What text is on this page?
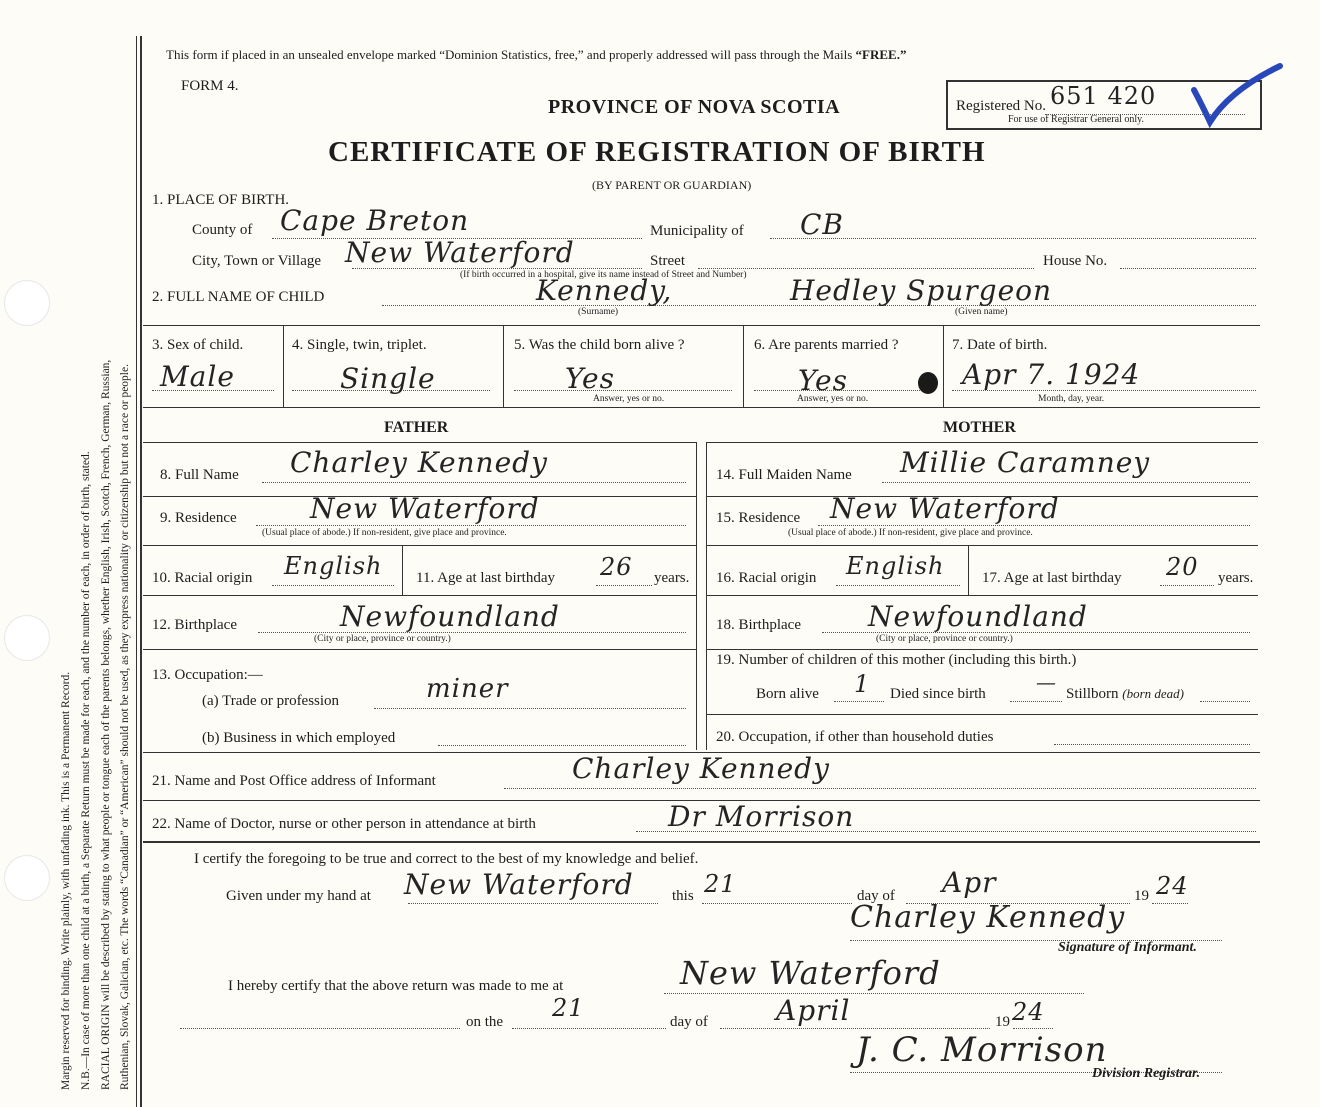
Margin reserved for binding. Write plainly, with unfading ink. This is a Permanent Record. N.B.—In case of more than one child at a birth, a Separate Return must be made for each, and the number of each, in order of birth, stated. RACIAL ORIGIN will be described by stating to what people or tongue each of the parents belongs, whether English, Irish, Scotch, French, German, Russian, Ruthenian, Slovak, Galician, etc. The words “Canadian” or “American” should not be used, as they express nationality or citizenship but not a race or people.
This form if placed in an unsealed envelope marked “Dominion Statistics, free,” and properly addressed will pass through the Mails “FREE.”
FORM 4.
PROVINCE OF NOVA SCOTIA	Registered No. 651 420
For use of Registrar General only.
CERTIFICATE OF REGISTRATION OF BIRTH
(BY PARENT OR GUARDIAN)
1. PLACE OF BIRTH.
County of Cape Breton	Municipality of CB
City, Town or Village New Waterford	Street	House No.
(If birth occurred in a hospital, give its name instead of Street and Number)
2. FULL NAME OF CHILD	Kennedy,	Hedley Spurgeon
(Surname)	(Given name)
3. Sex of child.
Male
4. Single, twin, triplet.
Single
5. Was the child born alive ?
Yes
Answer, yes or no.
6. Are parents married ?
Yes
Answer, yes or no.
7. Date of birth.
Apr 7. 1924
Month, day, year.
FATHER	MOTHER
8. Full Name Charley Kennedy	14. Full Maiden Name Millie Caramney
9. Residence	New Waterford
(Usual place of abode.) If non-resident, give place and province.
15. Residence New Waterford
(Usual place of abode.) If non-resident, give place and province.
10. Racial origin English 11. Age at last birthday 26 years. 16. Racial origin English	17. Age at last birthday 20 years.
12. Birthplace	Newfoundland
(City or place, province or country.)
18. Birthplace Newfoundland
(City or place, province or country.)
13. Occupation:—
(a) Trade or profession	miner
(b) Business in which employed
19. Number of children of this mother (including this birth.)
Born alive 1 Died since birth	— Stillborn (born dead)
20. Occupation, if other than household duties
21. Name and Post Office address of Informant	Charley Kennedy
22. Name of Doctor, nurse or other person in attendance at birth	Dr Morrison
I certify the foregoing to be true and correct to the best of my knowledge and belief.
Given under my hand at New Waterford	this 21	day of Apr	19 24
Charley Kennedy
Signature of Informant.
I hereby certify that the above return was made to me at	New Waterford
on the 21	day of April	19 24
J. C. Morrison
Division Registrar.
